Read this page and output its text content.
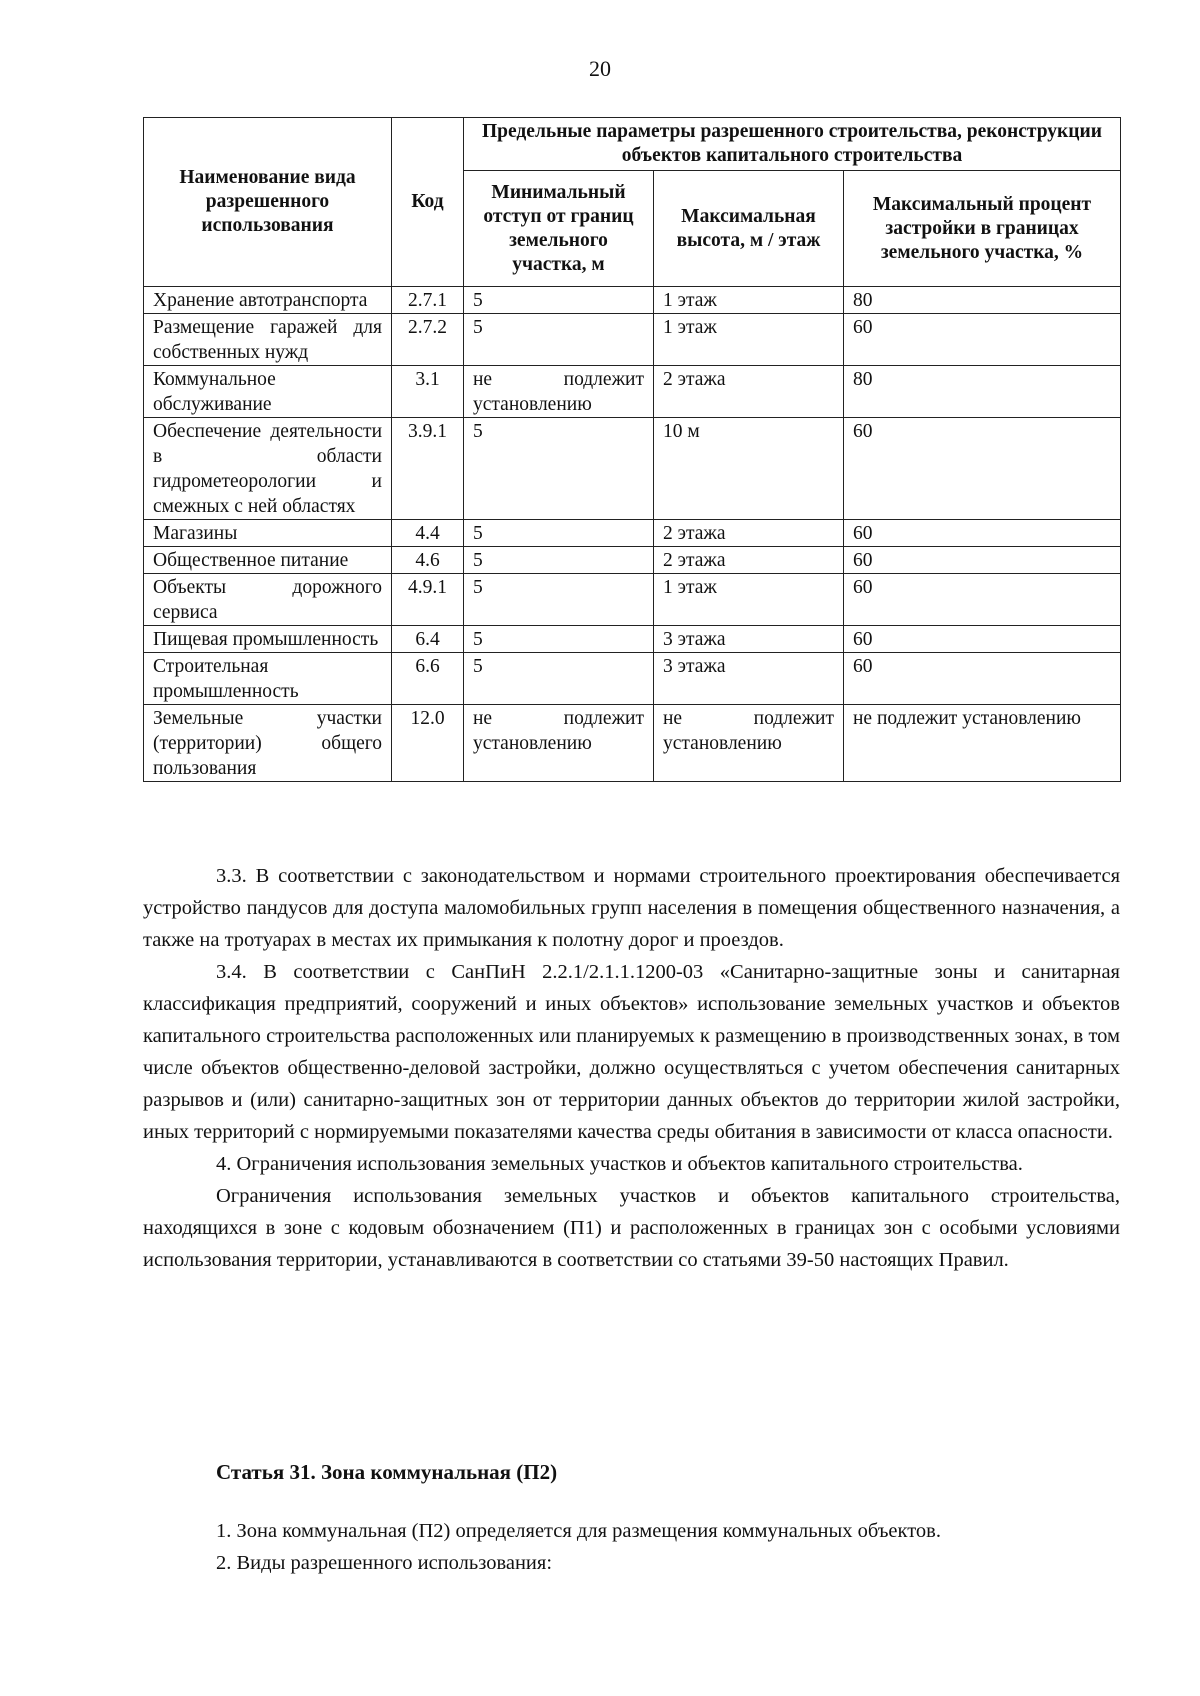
20
Наименование вида разрешенного использования	Код	Предельные параметры разрешенного строительства, реконструкции объектов капитального строительства		
		Минимальный отступ от границ земельного участка, м	Максимальная высота, м / этаж	Максимальный процент застройки в границах земельного участка, %
Хранение автотранспорта	2.7.1	5	1 этаж	80
Размещение гаражей для собственных нужд	2.7.2	5	1 этаж	60
Коммунальное обслуживание	3.1	не подлежит установлению	2 этажа	80
Обеспечение деятельности в области гидрометеорологии и смежных с ней областях	3.9.1	5	10 м	60
Магазины	4.4	5	2 этажа	60
Общественное питание	4.6	5	2 этажа	60
Объекты дорожного сервиса	4.9.1	5	1 этаж	60
Пищевая промышленность	6.4	5	3 этажа	60
Строительная промышленность	6.6	5	3 этажа	60
Земельные участки (территории) общего пользования	12.0	не подлежит установлению	не подлежит установлению	не подлежит установлению

3.3. В соответствии с законодательством и нормами строительного проектирования обеспечивается устройство пандусов для доступа маломобильных групп населения в помещения общественного назначения, а также на тротуарах в местах их примыкания к полотну дорог и проездов.

3.4. В соответствии с СанПиН 2.2.1/2.1.1.1200-03 «Санитарно-защитные зоны и санитарная классификация предприятий, сооружений и иных объектов» использование земельных участков и объектов капитального строительства расположенных или планируемых к размещению в производственных зонах, в том числе объектов общественно-деловой застройки, должно осуществляться с учетом обеспечения санитарных разрывов и (или) санитарно-защитных зон от территории данных объектов до территории жилой застройки, иных территорий с нормируемыми показателями качества среды обитания в зависимости от класса опасности.

4. Ограничения использования земельных участков и объектов капитального строительства.

Ограничения использования земельных участков и объектов капитального строительства, находящихся в зоне с кодовым обозначением (П1) и расположенных в границах зон с особыми условиями использования территории, устанавливаются в соответствии со статьями 39-50 настоящих Правил.

Статья 31. Зона коммунальная (П2)
1. Зона коммунальная (П2) определяется для размещения коммунальных объектов.
2. Виды разрешенного использования:
